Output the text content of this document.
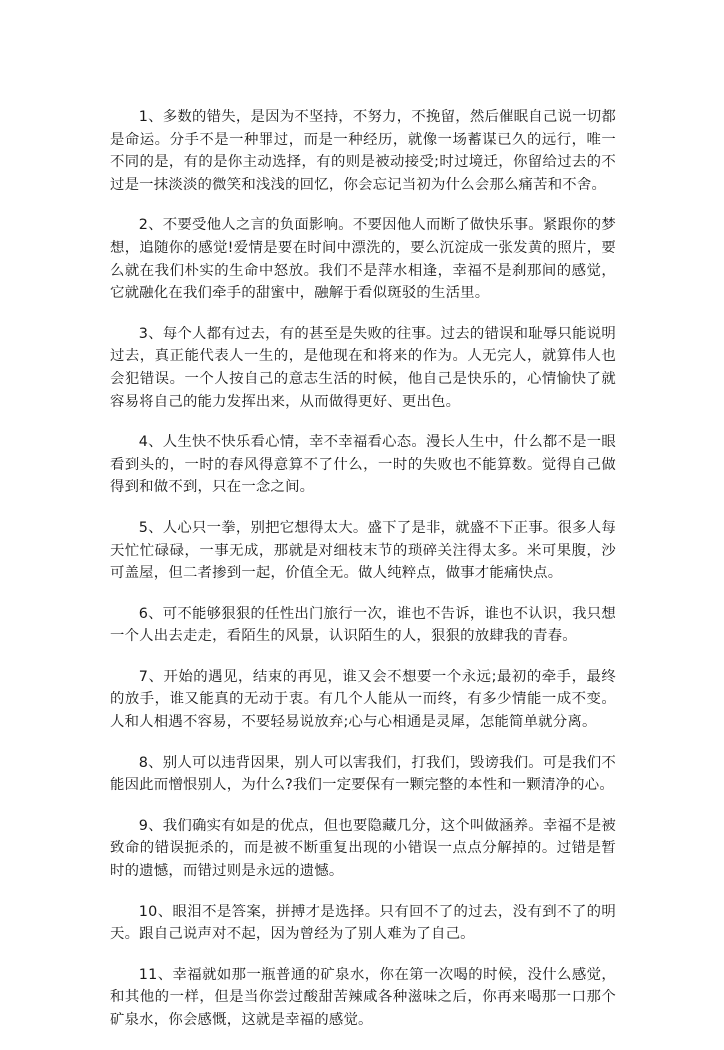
1、多数的错失，是因为不坚持，不努力，不挽留，然后催眠自己说一切都是命运。分手不是一种罪过，而是一种经历，就像一场蓄谋已久的远行，唯一不同的是，有的是你主动选择，有的则是被动接受;时过境迁，你留给过去的不过是一抹淡淡的微笑和浅浅的回忆，你会忘记当初为什么会那么痛苦和不舍。

2、不要受他人之言的负面影响。不要因他人而断了做快乐事。紧跟你的梦想，追随你的感觉!爱情是要在时间中漂洗的，要么沉淀成一张发黄的照片，要么就在我们朴实的生命中怒放。我们不是萍水相逢，幸福不是刹那间的感觉，它就融化在我们牵手的甜蜜中，融解于看似斑驳的生活里。

3、每个人都有过去，有的甚至是失败的往事。过去的错误和耻辱只能说明过去，真正能代表人一生的，是他现在和将来的作为。人无完人，就算伟人也会犯错误。一个人按自己的意志生活的时候，他自己是快乐的，心情愉快了就容易将自己的能力发挥出来，从而做得更好、更出色。

4、人生快不快乐看心情，幸不幸福看心态。漫长人生中，什么都不是一眼看到头的，一时的春风得意算不了什么，一时的失败也不能算数。觉得自己做得到和做不到，只在一念之间。

5、人心只一拳，别把它想得太大。盛下了是非，就盛不下正事。很多人每天忙忙碌碌，一事无成，那就是对细枝末节的琐碎关注得太多。米可果腹，沙可盖屋，但二者掺到一起，价值全无。做人纯粹点，做事才能痛快点。

6、可不能够狠狠的任性出门旅行一次，谁也不告诉，谁也不认识，我只想一个人出去走走，看陌生的风景，认识陌生的人，狠狠的放肆我的青春。

7、开始的遇见，结束的再见，谁又会不想要一个永远;最初的牵手，最终的放手，谁又能真的无动于衷。有几个人能从一而终，有多少情能一成不变。人和人相遇不容易，不要轻易说放弃;心与心相通是灵犀，怎能简单就分离。

8、别人可以违背因果，别人可以害我们，打我们，毁谤我们。可是我们不能因此而憎恨别人，为什么?我们一定要保有一颗完整的本性和一颗清净的心。

9、我们确实有如是的优点，但也要隐藏几分，这个叫做涵养。幸福不是被致命的错误扼杀的，而是被不断重复出现的小错误一点点分解掉的。过错是暂时的遗憾，而错过则是永远的遗憾。

10、眼泪不是答案，拼搏才是选择。只有回不了的过去，没有到不了的明天。跟自己说声对不起，因为曾经为了别人难为了自己。

11、幸福就如那一瓶普通的矿泉水，你在第一次喝的时候，没什么感觉，和其他的一样，但是当你尝过酸甜苦辣咸各种滋味之后，你再来喝那一口那个矿泉水，你会感慨，这就是幸福的感觉。
